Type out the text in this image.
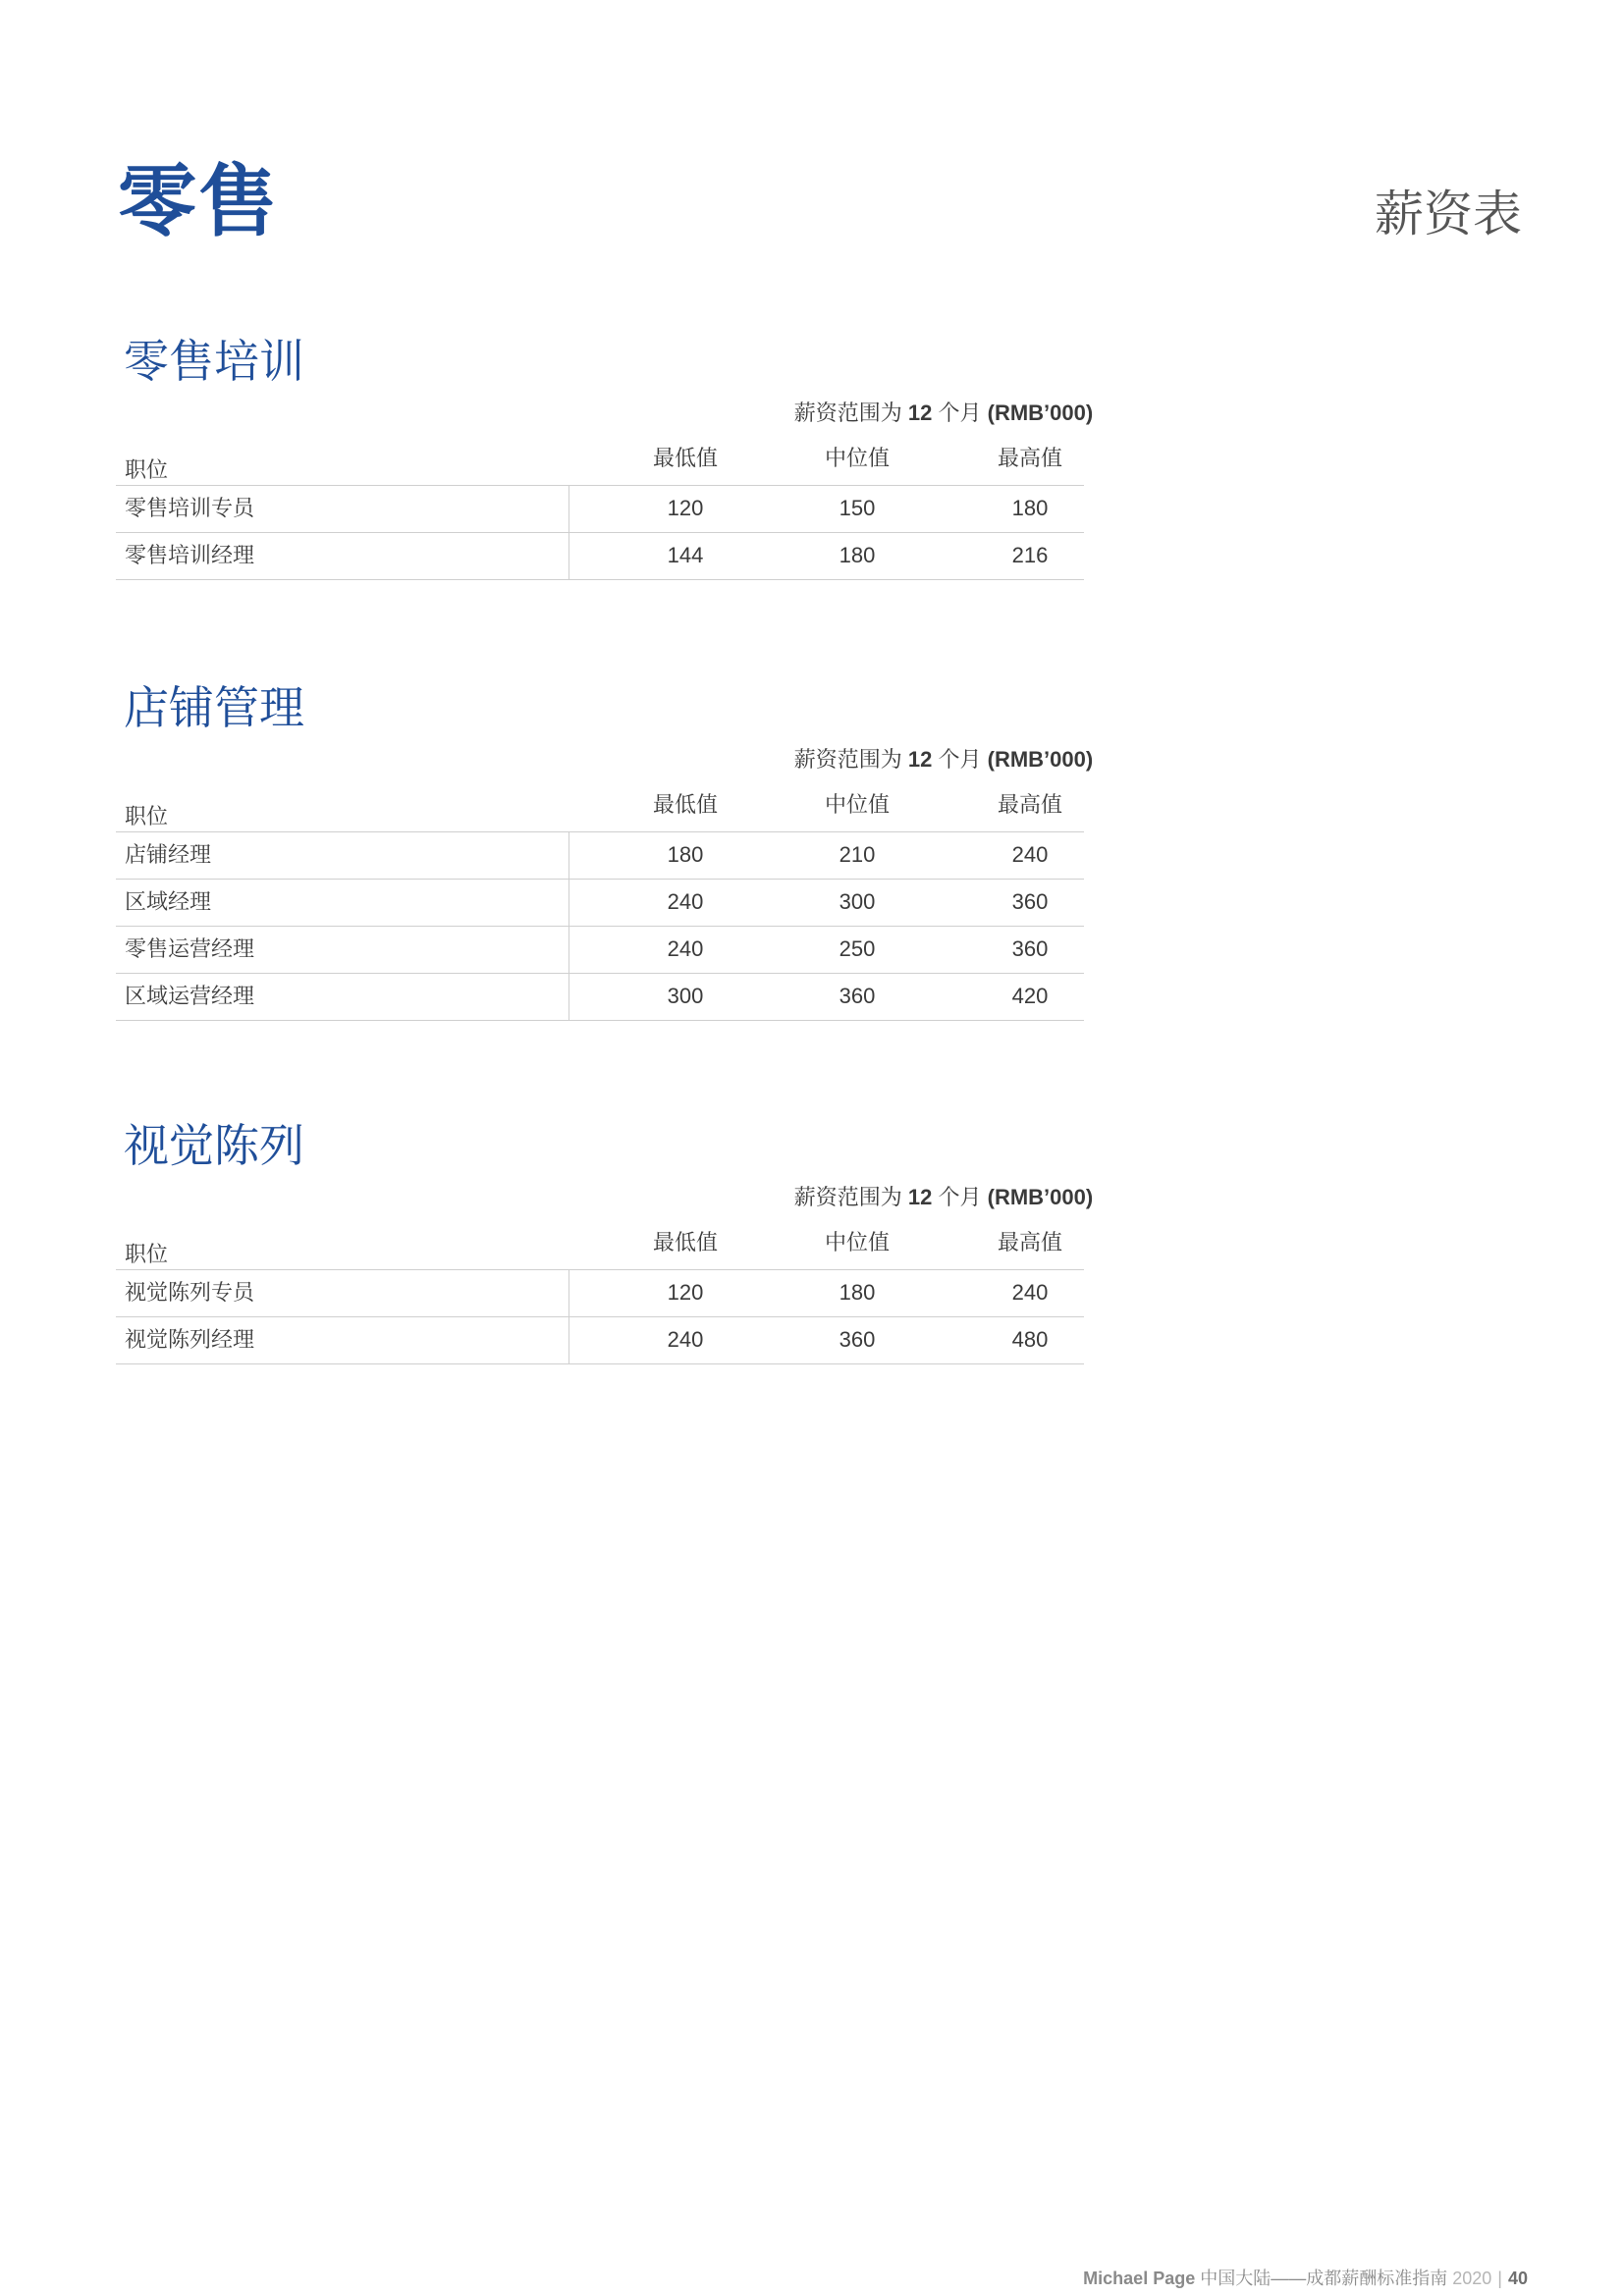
零售	薪资表
零售培训
薪资范围为 12 个月 (RMB’000)
职位	最低值	中位值	最高值
零售培训专员	120	150	180
零售培训经理	144	180	216
店铺管理
薪资范围为 12 个月 (RMB’000)
职位	最低值	中位值	最高值
店铺经理	180	210	240
区域经理	240	300	360
零售运营经理	240	250	360
区域运营经理	300	360	420
视觉陈列
薪资范围为 12 个月 (RMB’000)
职位	最低值	中位值	最高值
视觉陈列专员	120	180	240
视觉陈列经理	240	360	480
Michael Page 中国大陆——成都薪酬标准指南 2020 | 40
